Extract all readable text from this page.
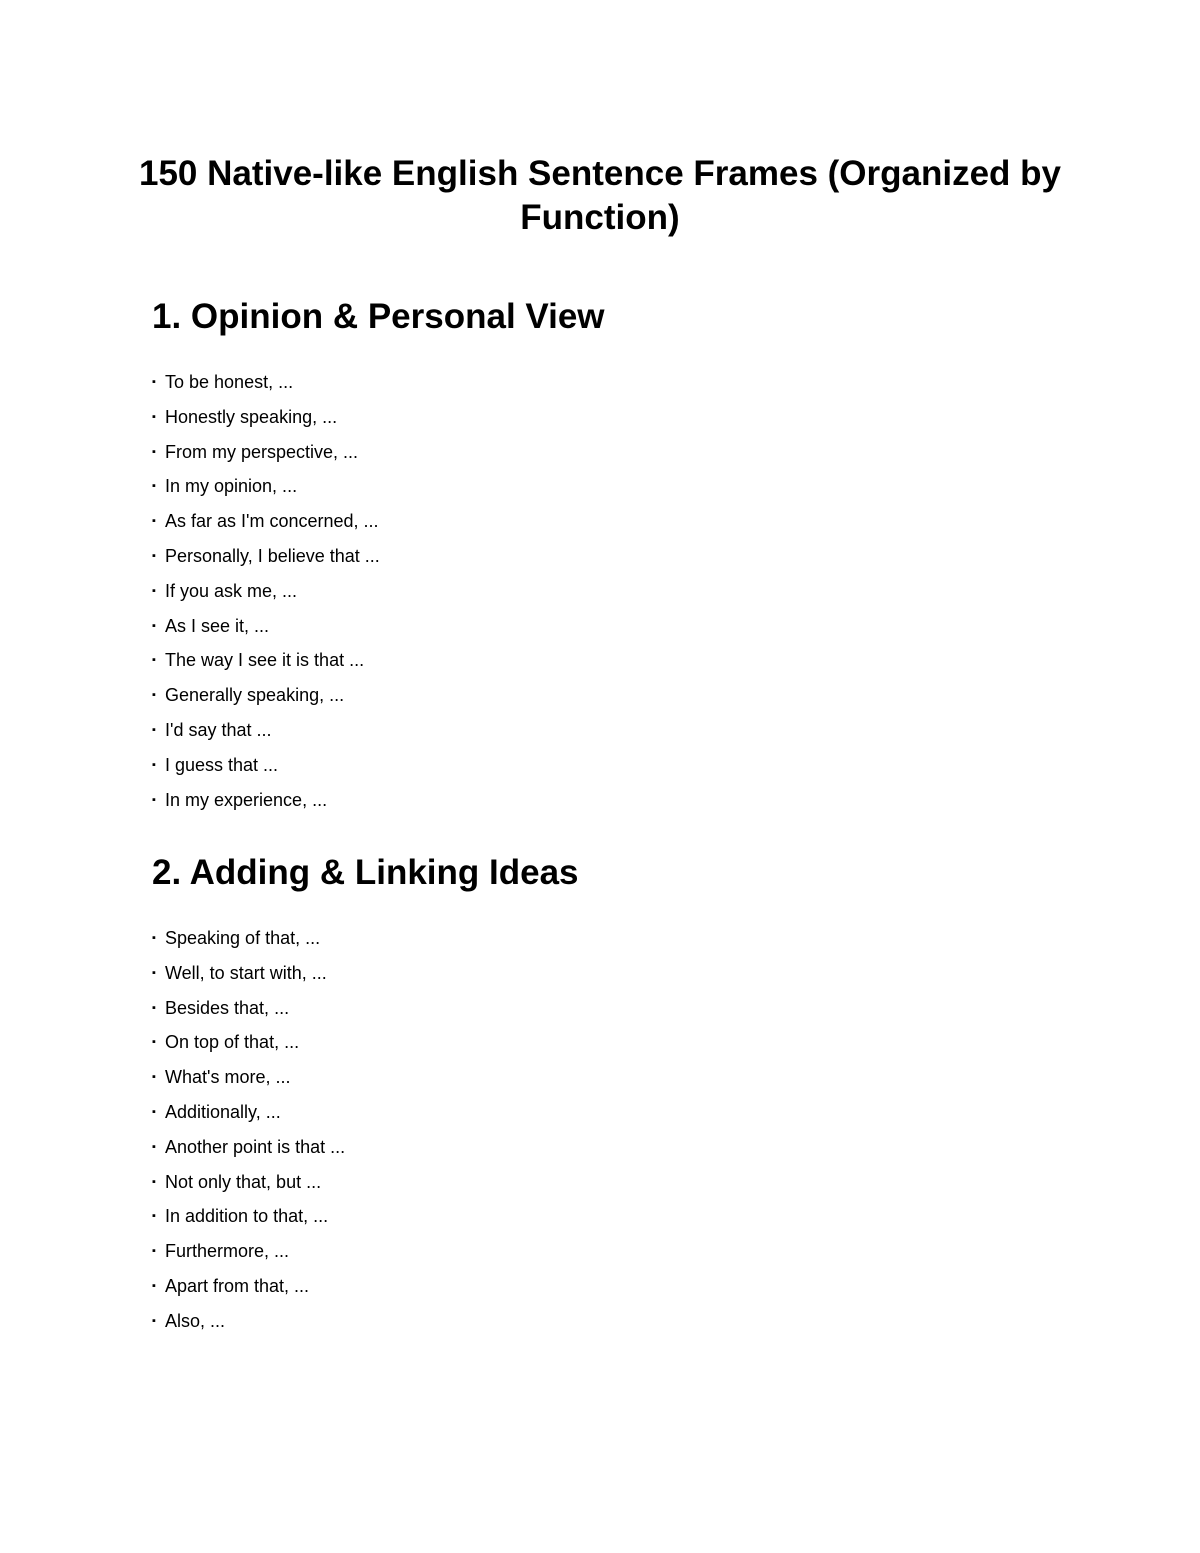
150 Native-like English Sentence Frames (Organized by Function)
1. Opinion & Personal View
▪ To be honest, ...
▪ Honestly speaking, ...
▪ From my perspective, ...
▪ In my opinion, ...
▪ As far as I'm concerned, ...
▪ Personally, I believe that ...
▪ If you ask me, ...
▪ As I see it, ...
▪ The way I see it is that ...
▪ Generally speaking, ...
▪ I'd say that ...
▪ I guess that ...
▪ In my experience, ...
2. Adding & Linking Ideas
▪ Speaking of that, ...
▪ Well, to start with, ...
▪ Besides that, ...
▪ On top of that, ...
▪ What's more, ...
▪ Additionally, ...
▪ Another point is that ...
▪ Not only that, but ...
▪ In addition to that, ...
▪ Furthermore, ...
▪ Apart from that, ...
▪ Also, ...
